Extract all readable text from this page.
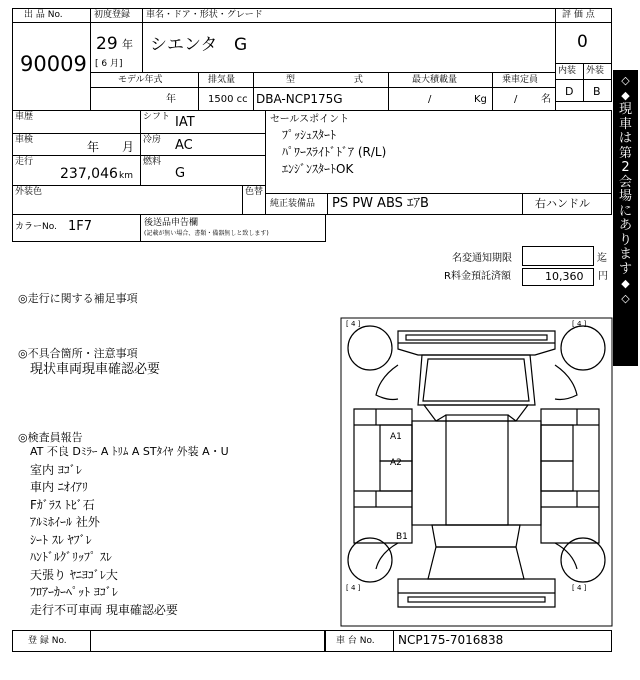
出 品 No.
90009
初度登録 車名・ドア・形状・グレード
29 年
[ 6 月]
シエンタ G
評 価 点
0
内装 外装
D B
モデル年式	排気量	型 式 最大積載量	乗車定員
年	1500 cc DBA-NCP175G	/	Kg	/ 名
車歴	シフト IAT
車検	年 月 冷房 AC
走行
237,046 km
燃料
G
外装色	色替
セールスポイント
ﾌﾟｯｼｭｽﾀｰﾄ
ﾊﾟﾜｰｽﾗｲﾄﾞﾄﾞｱ (R/L)
ｴﾝｼﾞﾝｽﾀｰﾄOK
純正装備品 PS PW ABS ｴｱB	右ハンドル
カラーNo. 1F7	後送品申告欄
(記載が無い場合、書類・備器無しと致します)
名変通知期限	迄
R料金預託済額	10,360 円
◇
◆
現
車
は
第
2
会
場
に
あ
り
ま
す
◆
◇
◎走行に関する補足事項
◎不具合箇所・注意事項
現状車両現車確認必要
◎検査員報告
AT 不良 Dﾐﾗｰ A ﾄﾘﾑ A STﾀｲﾔ 外装 A・U
室内 ﾖｺﾞﾚ
車内 ﾆｵｲｱﾘ
Fｶﾞﾗｽ ﾄﾋﾞ石
ｱﾙﾐﾎｲｰﾙ 社外
ｼｰﾄ ｽﾚ ﾔﾌﾞﾚ
ﾊﾝﾄﾞﾙｸﾞﾘｯﾌﾟ ｽﾚ
天張り ﾔﾆﾖｺﾞﾚ大
ﾌﾛｱｰｶｰﾍﾟｯﾄ ﾖｺﾞﾚ
走行不可車両 現車確認必要
[ 4 ]	[ 4 ]
[ 4 ]	[ 4 ]
A1
A2
B1
登 録 No.	車 台 No. NCP175-7016838
